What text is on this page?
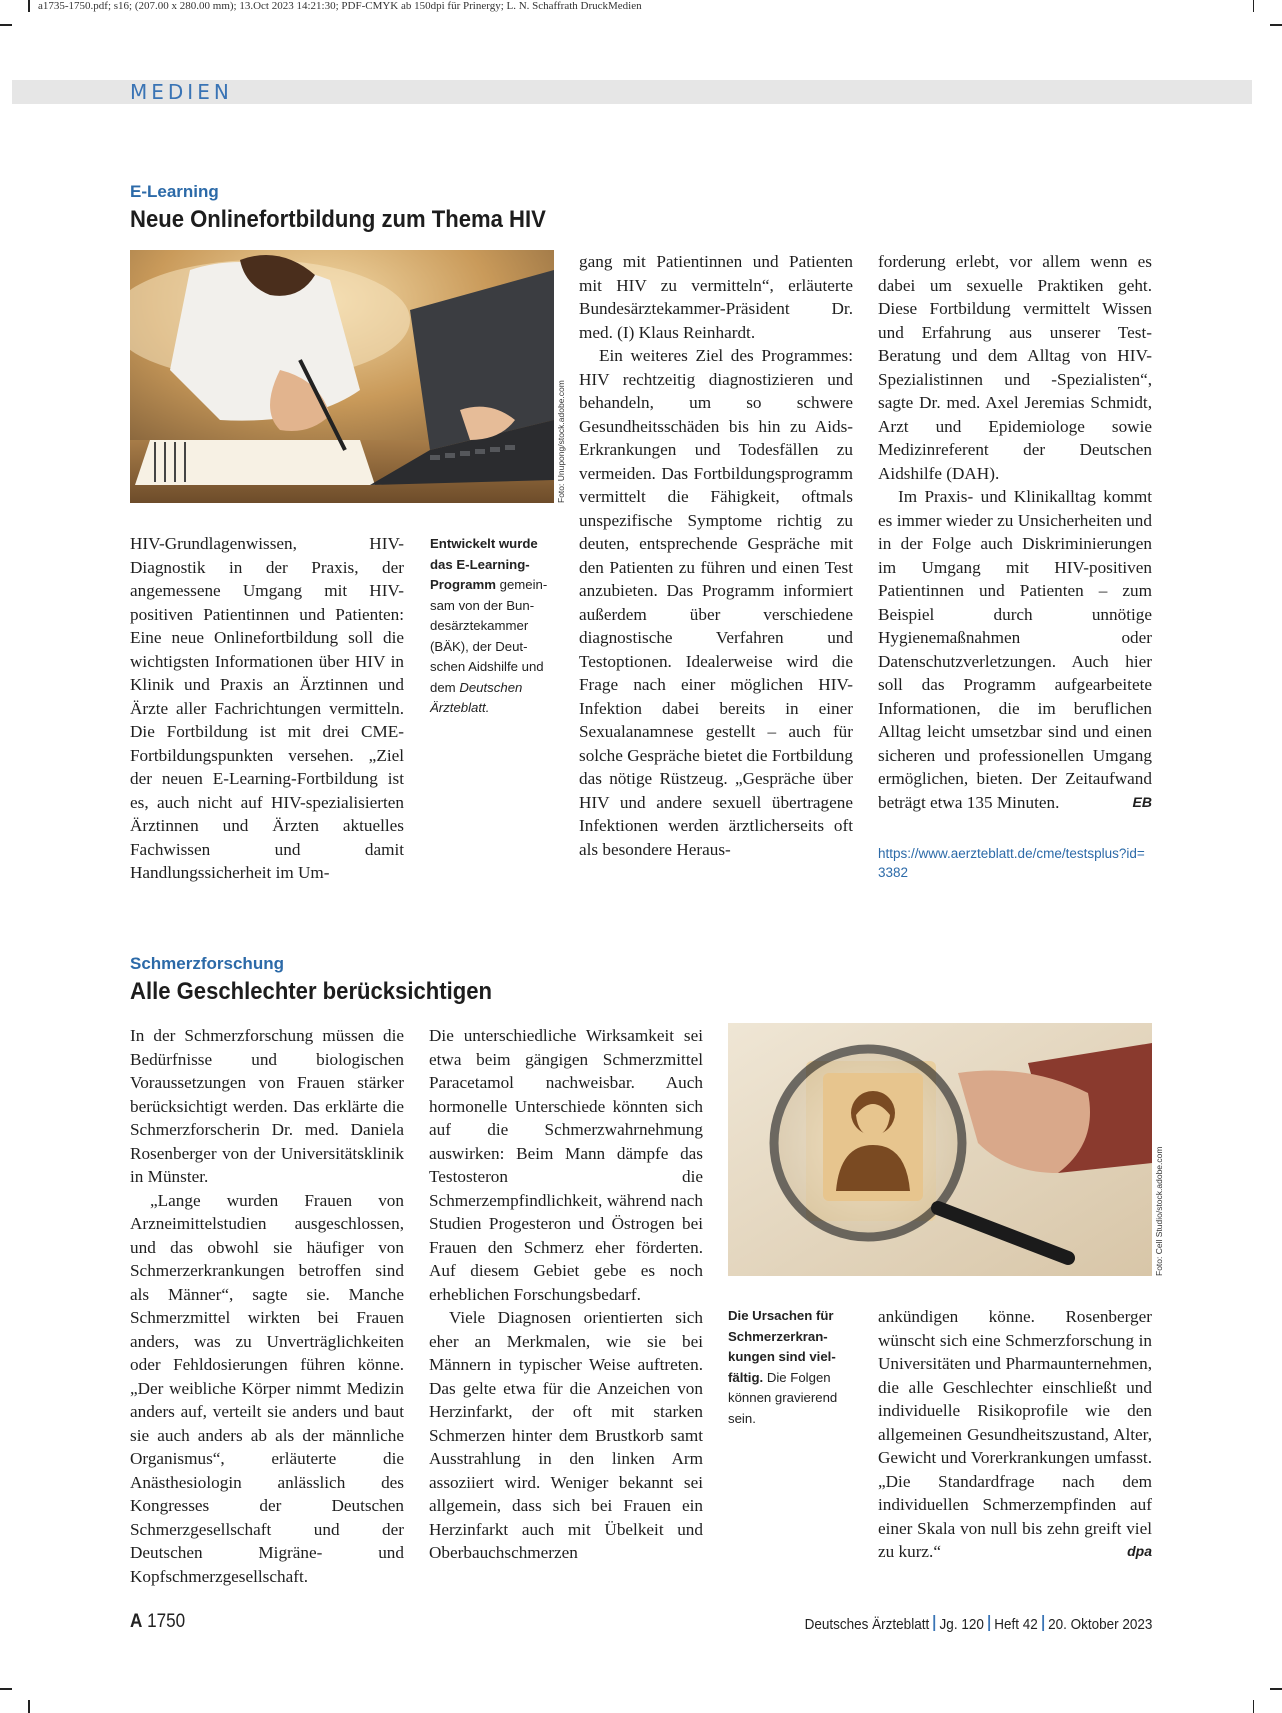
a1735-1750.pdf; s16; (207.00 x 280.00 mm); 13.Oct 2023 14:21:30; PDF-CMYK ab 150dpi für Prinergy; L. N. Schaffrath DruckMedien
MEDIEN
E-Learning
Neue Onlinefortbildung zum Thema HIV
Foto: Unupong/stock.adobe.com

HIV-Grundlagenwissen, HIV-Diagnostik in der Praxis, der angemessene Umgang mit HIV-positiven Patientinnen und Patienten: Eine neue Onlinefortbildung soll die wichtigsten Informationen über HIV in Klinik und Praxis an Ärztinnen und Ärzte aller Fachrichtungen vermitteln. Die Fortbildung ist mit drei CME-Fortbildungspunkten versehen. „Ziel der neuen E-Learning-Fortbildung ist es, auch nicht auf HIV-spezialisierten Ärztinnen und Ärzten aktuelles Fachwissen und damit Handlungssicherheit im Um-

Entwickelt wurde das E-Learning-Programm gemein-sam von der Bun-desärztekammer (BÄK), der Deut-schen Aidshilfe und dem Deutschen Ärzteblatt.

gang mit Patientinnen und Patienten mit HIV zu vermitteln“, erläuterte Bundesärztekammer-Präsident Dr. med. (I) Klaus Reinhardt.

Ein weiteres Ziel des Programmes: HIV rechtzeitig diagnostizieren und behandeln, um so schwere Gesundheitsschäden bis hin zu Aids-Erkrankungen und Todesfällen zu vermeiden. Das Fortbildungsprogramm vermittelt die Fähigkeit, oftmals unspezifische Symptome richtig zu deuten, entsprechende Gespräche mit den Patienten zu führen und einen Test anzubieten. Das Programm informiert außerdem über verschiedene diagnostische Verfahren und Testoptionen. Idealerweise wird die Frage nach einer möglichen HIV-Infektion dabei bereits in einer Sexualanamnese gestellt – auch für solche Gespräche bietet die Fortbildung das nötige Rüstzeug. „Gespräche über HIV und andere sexuell übertragene Infektionen werden ärztlicherseits oft als besondere Heraus-

forderung erlebt, vor allem wenn es dabei um sexuelle Praktiken geht. Diese Fortbildung vermittelt Wissen und Erfahrung aus unserer Test-Beratung und dem Alltag von HIV-Spezialistinnen und -Spezialisten“, sagte Dr. med. Axel Jeremias Schmidt, Arzt und Epidemiologe sowie Medizinreferent der Deutschen Aidshilfe (DAH).

Im Praxis- und Klinikalltag kommt es immer wieder zu Unsicherheiten und in der Folge auch Diskriminierungen im Umgang mit HIV-positiven Patientinnen und Patienten – zum Beispiel durch unnötige Hygienemaßnahmen oder Datenschutzverletzungen. Auch hier soll das Programm aufgearbeitete Informationen, die im beruflichen Alltag leicht umsetzbar sind und einen sicheren und professionellen Umgang ermöglichen, bieten. Der Zeitaufwand beträgt etwa 135 Minuten.	EB

https://www.aerzteblatt.de/cme/testsplus?id=3382
Schmerzforschung
Alle Geschlechter berücksichtigen

In der Schmerzforschung müssen die Bedürfnisse und biologischen Voraussetzungen von Frauen stärker berücksichtigt werden. Das erklärte die Schmerzforscherin Dr. med. Daniela Rosenberger von der Universitätsklinik in Münster.

„Lange wurden Frauen von Arzneimittelstudien ausgeschlossen, und das obwohl sie häufiger von Schmerzerkrankungen betroffen sind als Männer“, sagte sie. Manche Schmerzmittel wirkten bei Frauen anders, was zu Unverträglichkeiten oder Fehldosierungen führen könne. „Der weibliche Körper nimmt Medizin anders auf, verteilt sie anders und baut sie auch anders ab als der männliche Organismus“, erläuterte die Anästhesiologin anlässlich des Kongresses der Deutschen Schmerzgesellschaft und der Deutschen Migräne- und Kopfschmerzgesellschaft.

Die unterschiedliche Wirksamkeit sei etwa beim gängigen Schmerzmittel Paracetamol nachweisbar. Auch hormonelle Unterschiede könnten sich auf die Schmerzwahrnehmung auswirken: Beim Mann dämpfe das Testosteron die Schmerzempfindlichkeit, während nach Studien Progesteron und Östrogen bei Frauen den Schmerz eher förderten. Auf diesem Gebiet gebe es noch erheblichen Forschungsbedarf.

Viele Diagnosen orientierten sich eher an Merkmalen, wie sie bei Männern in typischer Weise auftreten. Das gelte etwa für die Anzeichen von Herzinfarkt, der oft mit starken Schmerzen hinter dem Brustkorb samt Ausstrahlung in den linken Arm assoziiert wird. Weniger bekannt sei allgemein, dass sich bei Frauen ein Herzinfarkt auch mit Übelkeit und Oberbauchschmerzen

Foto: Cell Studio/stock.adobe.com
Die Ursachen für Schmerzerkran-kungen sind viel-fältig. Die Folgen können gravierend sein.

ankündigen könne. Rosenberger wünscht sich eine Schmerzforschung in Universitäten und Pharmaunternehmen, die alle Geschlechter einschließt und individuelle Risikoprofile wie den allgemeinen Gesundheitszustand, Alter, Gewicht und Vorerkrankungen umfasst. „Die Standardfrage nach dem individuellen Schmerzempfinden auf einer Skala von null bis zehn greift viel zu kurz.“	dpa

A 1750	Deutsches Ärzteblatt Jg. 120 Heft 42 20. Oktober 2023
